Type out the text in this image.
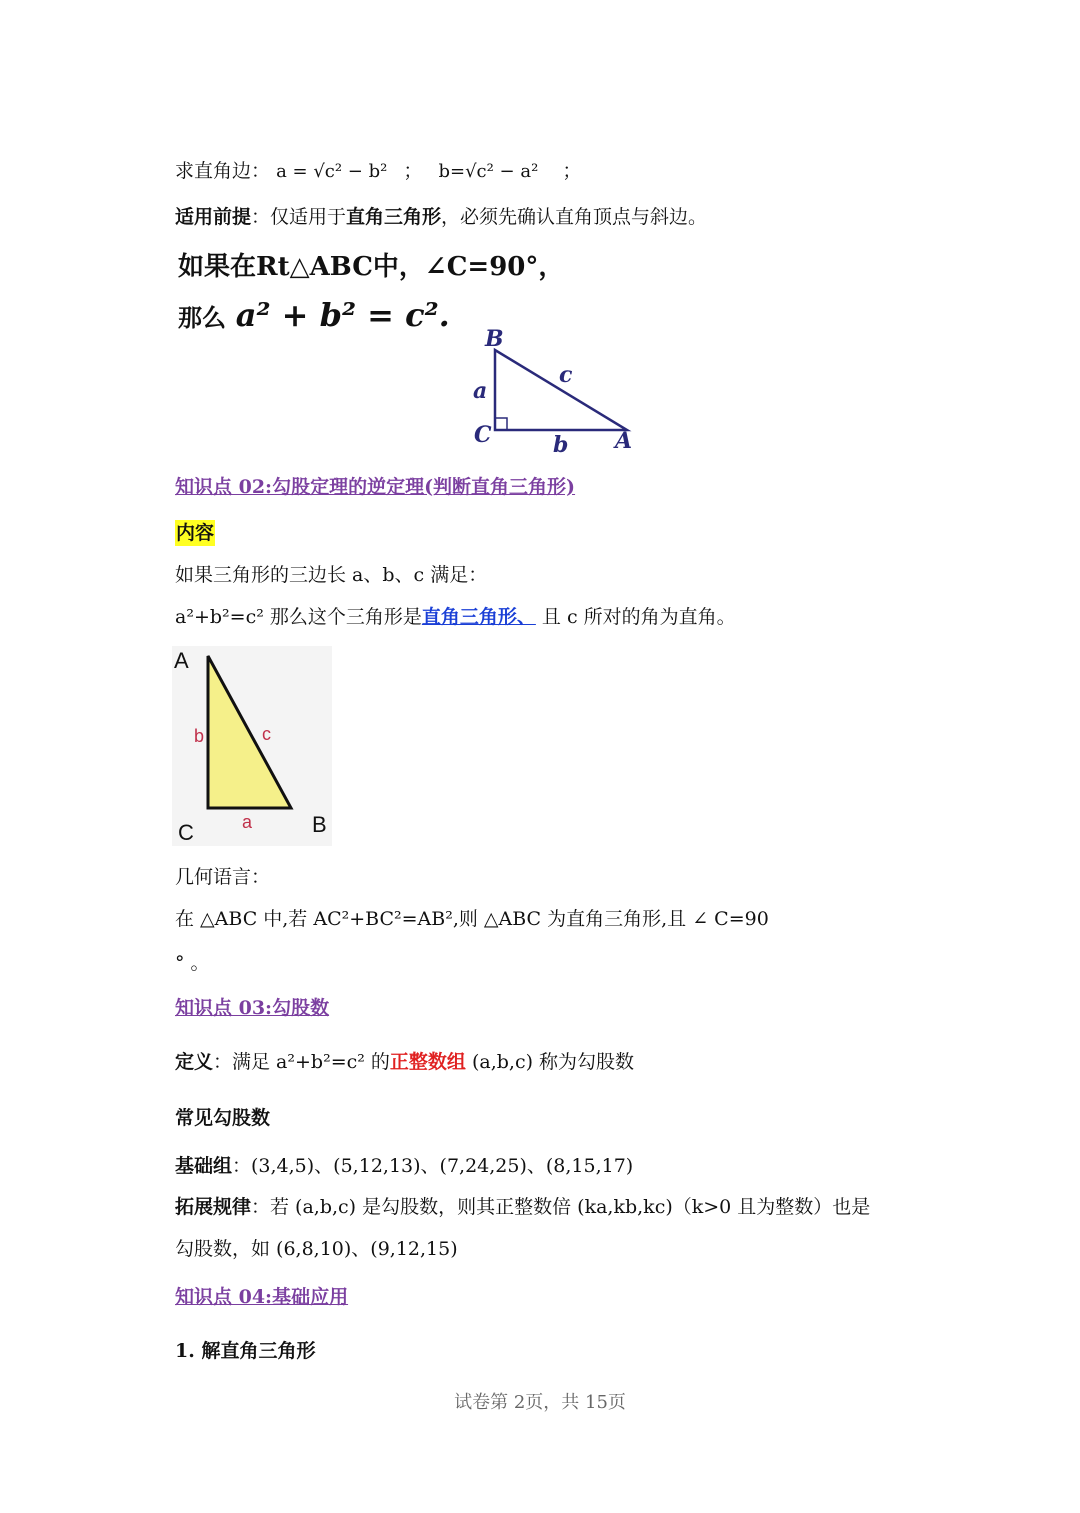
求直角边： a = √c² − b² ； b=√c² − a² ；
适用前提：仅适用于直角三角形，必须先确认直角顶点与斜边。
如果在Rt△ABC中，∠C=90°，
那么 a² + b² = c².
B
C	A
a
b
c
知识点 02:勾股定理的逆定理(判断直角三角形)
内容
如果三角形的三边长 a、b、c 满足：
a²+b²=c² 那么这个三角形是直角三角形、 且 c 所对的角为直角。
A
B
C
b	c
a
几何语言：
在 △ABC 中,若 AC²+BC²=AB²,则 △ABC 为直角三角形,且 ∠ C=90
° 。
知识点 03:勾股数
定义：满足 a²+b²=c² 的正整数组 (a,b,c) 称为勾股数
常见勾股数
基础组：(3,4,5)、(5,12,13)、(7,24,25)、(8,15,17)
拓展规律：若 (a,b,c) 是勾股数，则其正整数倍 (ka,kb,kc)（k>0 且为整数）也是
勾股数，如 (6,8,10)、(9,12,15)
知识点 04:基础应用
1. 解直角三角形
试卷第 2页，共 15页
